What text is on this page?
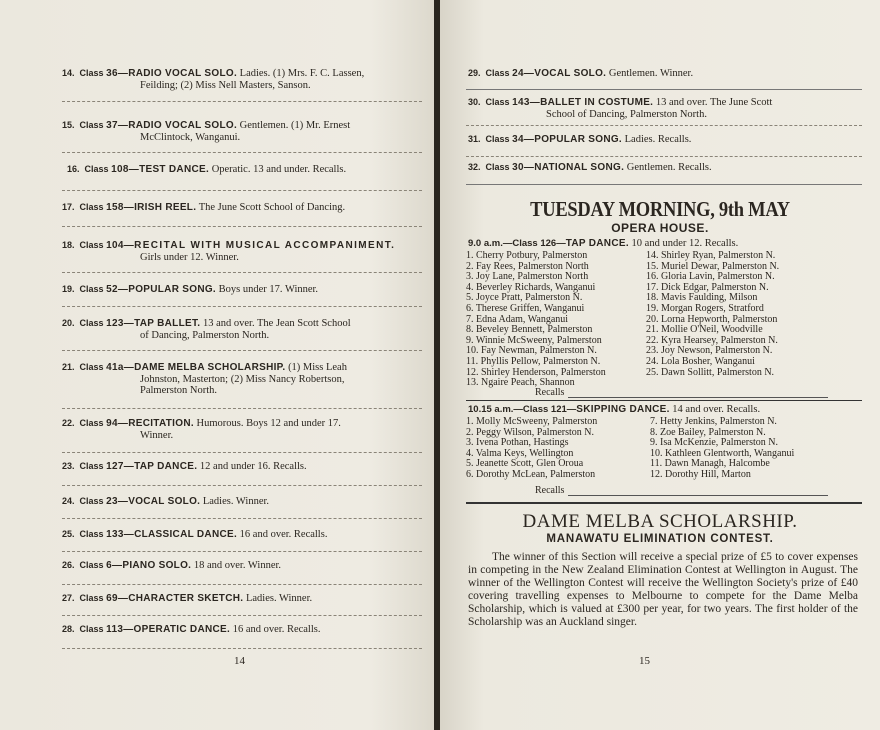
14. Class 36—RADIO VOCAL SOLO. Ladies. (1) Mrs. F. C. Lassen,
Feilding; (2) Miss Nell Masters, Sanson.
15. Class 37—RADIO VOCAL SOLO. Gentlemen. (1) Mr. Ernest
McClintock, Wanganui.
16. Class 108—TEST DANCE. Operatic. 13 and under. Recalls.
17. Class 158—IRISH REEL. The June Scott School of Dancing.
18. Class 104—RECITAL WITH MUSICAL ACCOMPANIMENT.
Girls under 12. Winner.
19. Class 52—POPULAR SONG. Boys under 17. Winner.
20. Class 123—TAP BALLET. 13 and over. The Jean Scott School
of Dancing, Palmerston North.
21. Class 41a—DAME MELBA SCHOLARSHIP. (1) Miss Leah
Johnston, Masterton; (2) Miss Nancy Robertson,
Palmerston North.
22. Class 94—RECITATION. Humorous. Boys 12 and under 17.
Winner.
23. Class 127—TAP DANCE. 12 and under 16. Recalls.
24. Class 23—VOCAL SOLO. Ladies. Winner.
25. Class 133—CLASSICAL DANCE. 16 and over. Recalls.
26. Class 6—PIANO SOLO. 18 and over. Winner.
27. Class 69—CHARACTER SKETCH. Ladies. Winner.
28. Class 113—OPERATIC DANCE. 16 and over. Recalls.
14
29. Class 24—VOCAL SOLO. Gentlemen. Winner.
30. Class 143—BALLET IN COSTUME. 13 and over. The June Scott
School of Dancing, Palmerston North.
31. Class 34—POPULAR SONG. Ladies. Recalls.
32. Class 30—NATIONAL SONG. Gentlemen. Recalls.
TUESDAY MORNING, 9th MAY
OPERA HOUSE.
9.0 a.m.—Class 126—TAP DANCE. 10 and under 12. Recalls.
1. Cherry Potbury, Palmerston	14. Shirley Ryan, Palmerston N.
2. Fay Rees, Palmerston North	15. Muriel Dewar, Palmerston N.
3. Joy Lane, Palmerston North	16. Gloria Lavin, Palmerston N.
4. Beverley Richards, Wanganui	17. Dick Edgar, Palmerston N.
5. Joyce Pratt, Palmerston N.	18. Mavis Faulding, Milson
6. Therese Griffen, Wanganui	19. Morgan Rogers, Stratford
7. Edna Adam, Wanganui	20. Lorna Hepworth, Palmerston
8. Beveley Bennett, Palmerston	21. Mollie O'Neil, Woodville
9. Winnie McSweeny, Palmerston	22. Kyra Hearsey, Palmerston N.
10. Fay Newman, Palmerston N.	23. Joy Newson, Palmerston N.
11. Phyllis Pellow, Palmerston N.	24. Lola Bosher, Wanganui
12. Shirley Henderson, Palmerston	25. Dawn Sollitt, Palmerston N.
13. Ngaire Peach, Shannon
Recalls
10.15 a.m.—Class 121—SKIPPING DANCE. 14 and over. Recalls.
1. Molly McSweeny, Palmerston	7. Hetty Jenkins, Palmerston N.
2. Peggy Wilson, Palmerston N.	8. Zoe Bailey, Palmerston N.
3. Ivena Pothan, Hastings	9. Isa McKenzie, Palmerston N.
4. Valma Keys, Wellington	10. Kathleen Glentworth, Wanganui
5. Jeanette Scott, Glen Oroua	11. Dawn Managh, Halcombe
6. Dorothy McLean, Palmerston	12. Dorothy Hill, Marton
Recalls
DAME MELBA SCHOLARSHIP.
MANAWATU ELIMINATION CONTEST.

The winner of this Section will receive a special prize of £5 to cover expenses in competing in the New Zealand Elimination Contest at Wellington in August. The winner of the Wellington Contest will receive the Wellington Society's prize of £40 covering travelling expenses to Melbourne to compete for the Dame Melba Scholarship, which is valued at £300 per year, for two years. The first holder of the Scholarship was an Auckland singer.

15
